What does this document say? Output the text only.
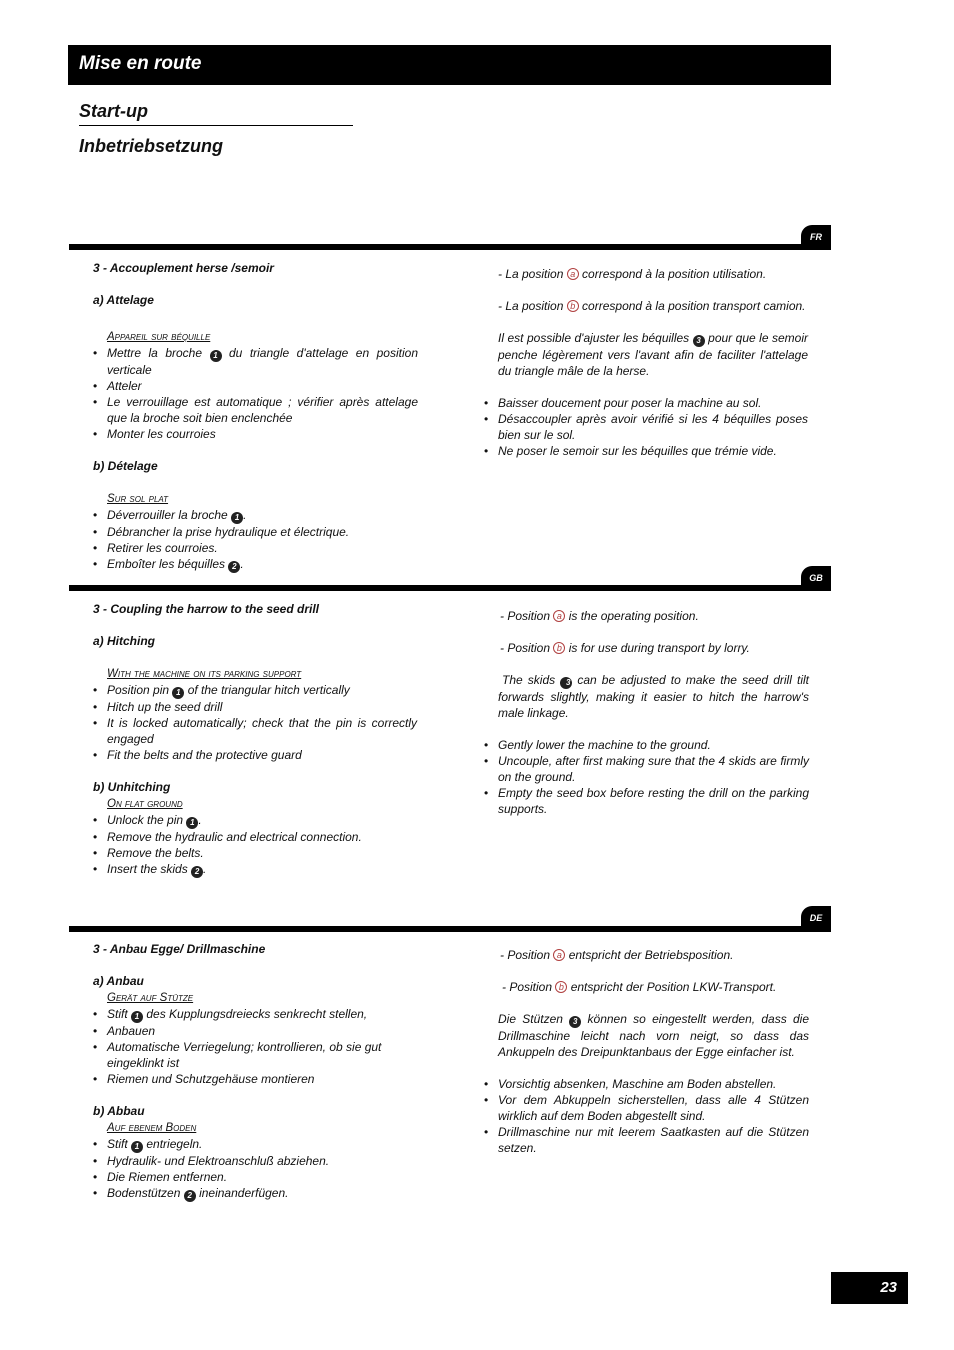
Mise en route
Start-up
Inbetriebsetzung
FR

3 - Accouplement herse /semoir

a) Attelage

Appareil sur béquille

• Mettre la broche 1 du triangle d'attelage en position verticale
• Atteler
• Le verrouillage est automatique ; vérifier après attelage que la broche soit bien enclenchée
• Monter les courroies

b) Dételage

Sur sol plat

• Déverrouiller la broche 1 .
• Débrancher la prise hydraulique et électrique.
• Retirer les courroies.
• Emboîter les béquilles 2 .

- La position a correspond à la position utilisation.

- La position b correspond à la position transport camion.

Il est possible d'ajuster les béquilles 3 pour que le semoir penche légèrement vers l'avant afin de faciliter l'attelage du triangle mâle de la herse.

• Baisser doucement pour poser la machine au sol.
• Désaccoupler après avoir vérifié si les 4 béquilles poses bien sur le sol.
• Ne poser le semoir sur les béquilles que trémie vide.
GB

3 - Coupling the harrow to the seed drill

a) Hitching

With the machine on its parking support

• Position pin 1 of the triangular hitch vertically
• Hitch up the seed drill
• It is locked automatically; check that the pin is correctly engaged
• Fit the belts and the protective guard

b) Unhitching

On flat ground

• Unlock the pin 1 .
• Remove the hydraulic and electrical connection.
• Remove the belts.
• Insert the skids 2 .

- Position a is the operating position.

- Position b is for use during transport by lorry.

The skids 3 can be adjusted to make the seed drill tilt forwards slightly, making it easier to hitch the harrow's male linkage.

• Gently lower the machine to the ground.
• Uncouple, after first making sure that the 4 skids are firmly on the ground.
• Empty the seed box before resting the drill on the parking supports.
DE

3 - Anbau Egge/ Drillmaschine

a) Anbau

Gerät auf Stütze

• Stift 1 des Kupplungsdreiecks senkrecht stellen,
• Anbauen
• Automatische Verriegelung; kontrollieren, ob sie gut eingeklinkt ist
• Riemen und Schutzgehäuse montieren

b) Abbau

Auf ebenem Boden

• Stift 1 entriegeln.
• Hydraulik- und Elektroanschluß abziehen.
• Die Riemen entfernen.
• Bodenstützen 2 ineinanderfügen.

- Position a entspricht der Betriebsposition.

- Position b entspricht der Position LKW-Transport.

Die Stützen 3 können so eingestellt werden, dass die Drillmaschine leicht nach vorn neigt, so dass das Ankuppeln des Dreipunktanbaus der Egge einfacher ist.

• Vorsichtig absenken, Maschine am Boden abstellen.
• Vor dem Abkuppeln sicherstellen, dass alle 4 Stützen wirklich auf dem Boden abgestellt sind.
• Drillmaschine nur mit leerem Saatkasten auf die Stützen setzen.
23
